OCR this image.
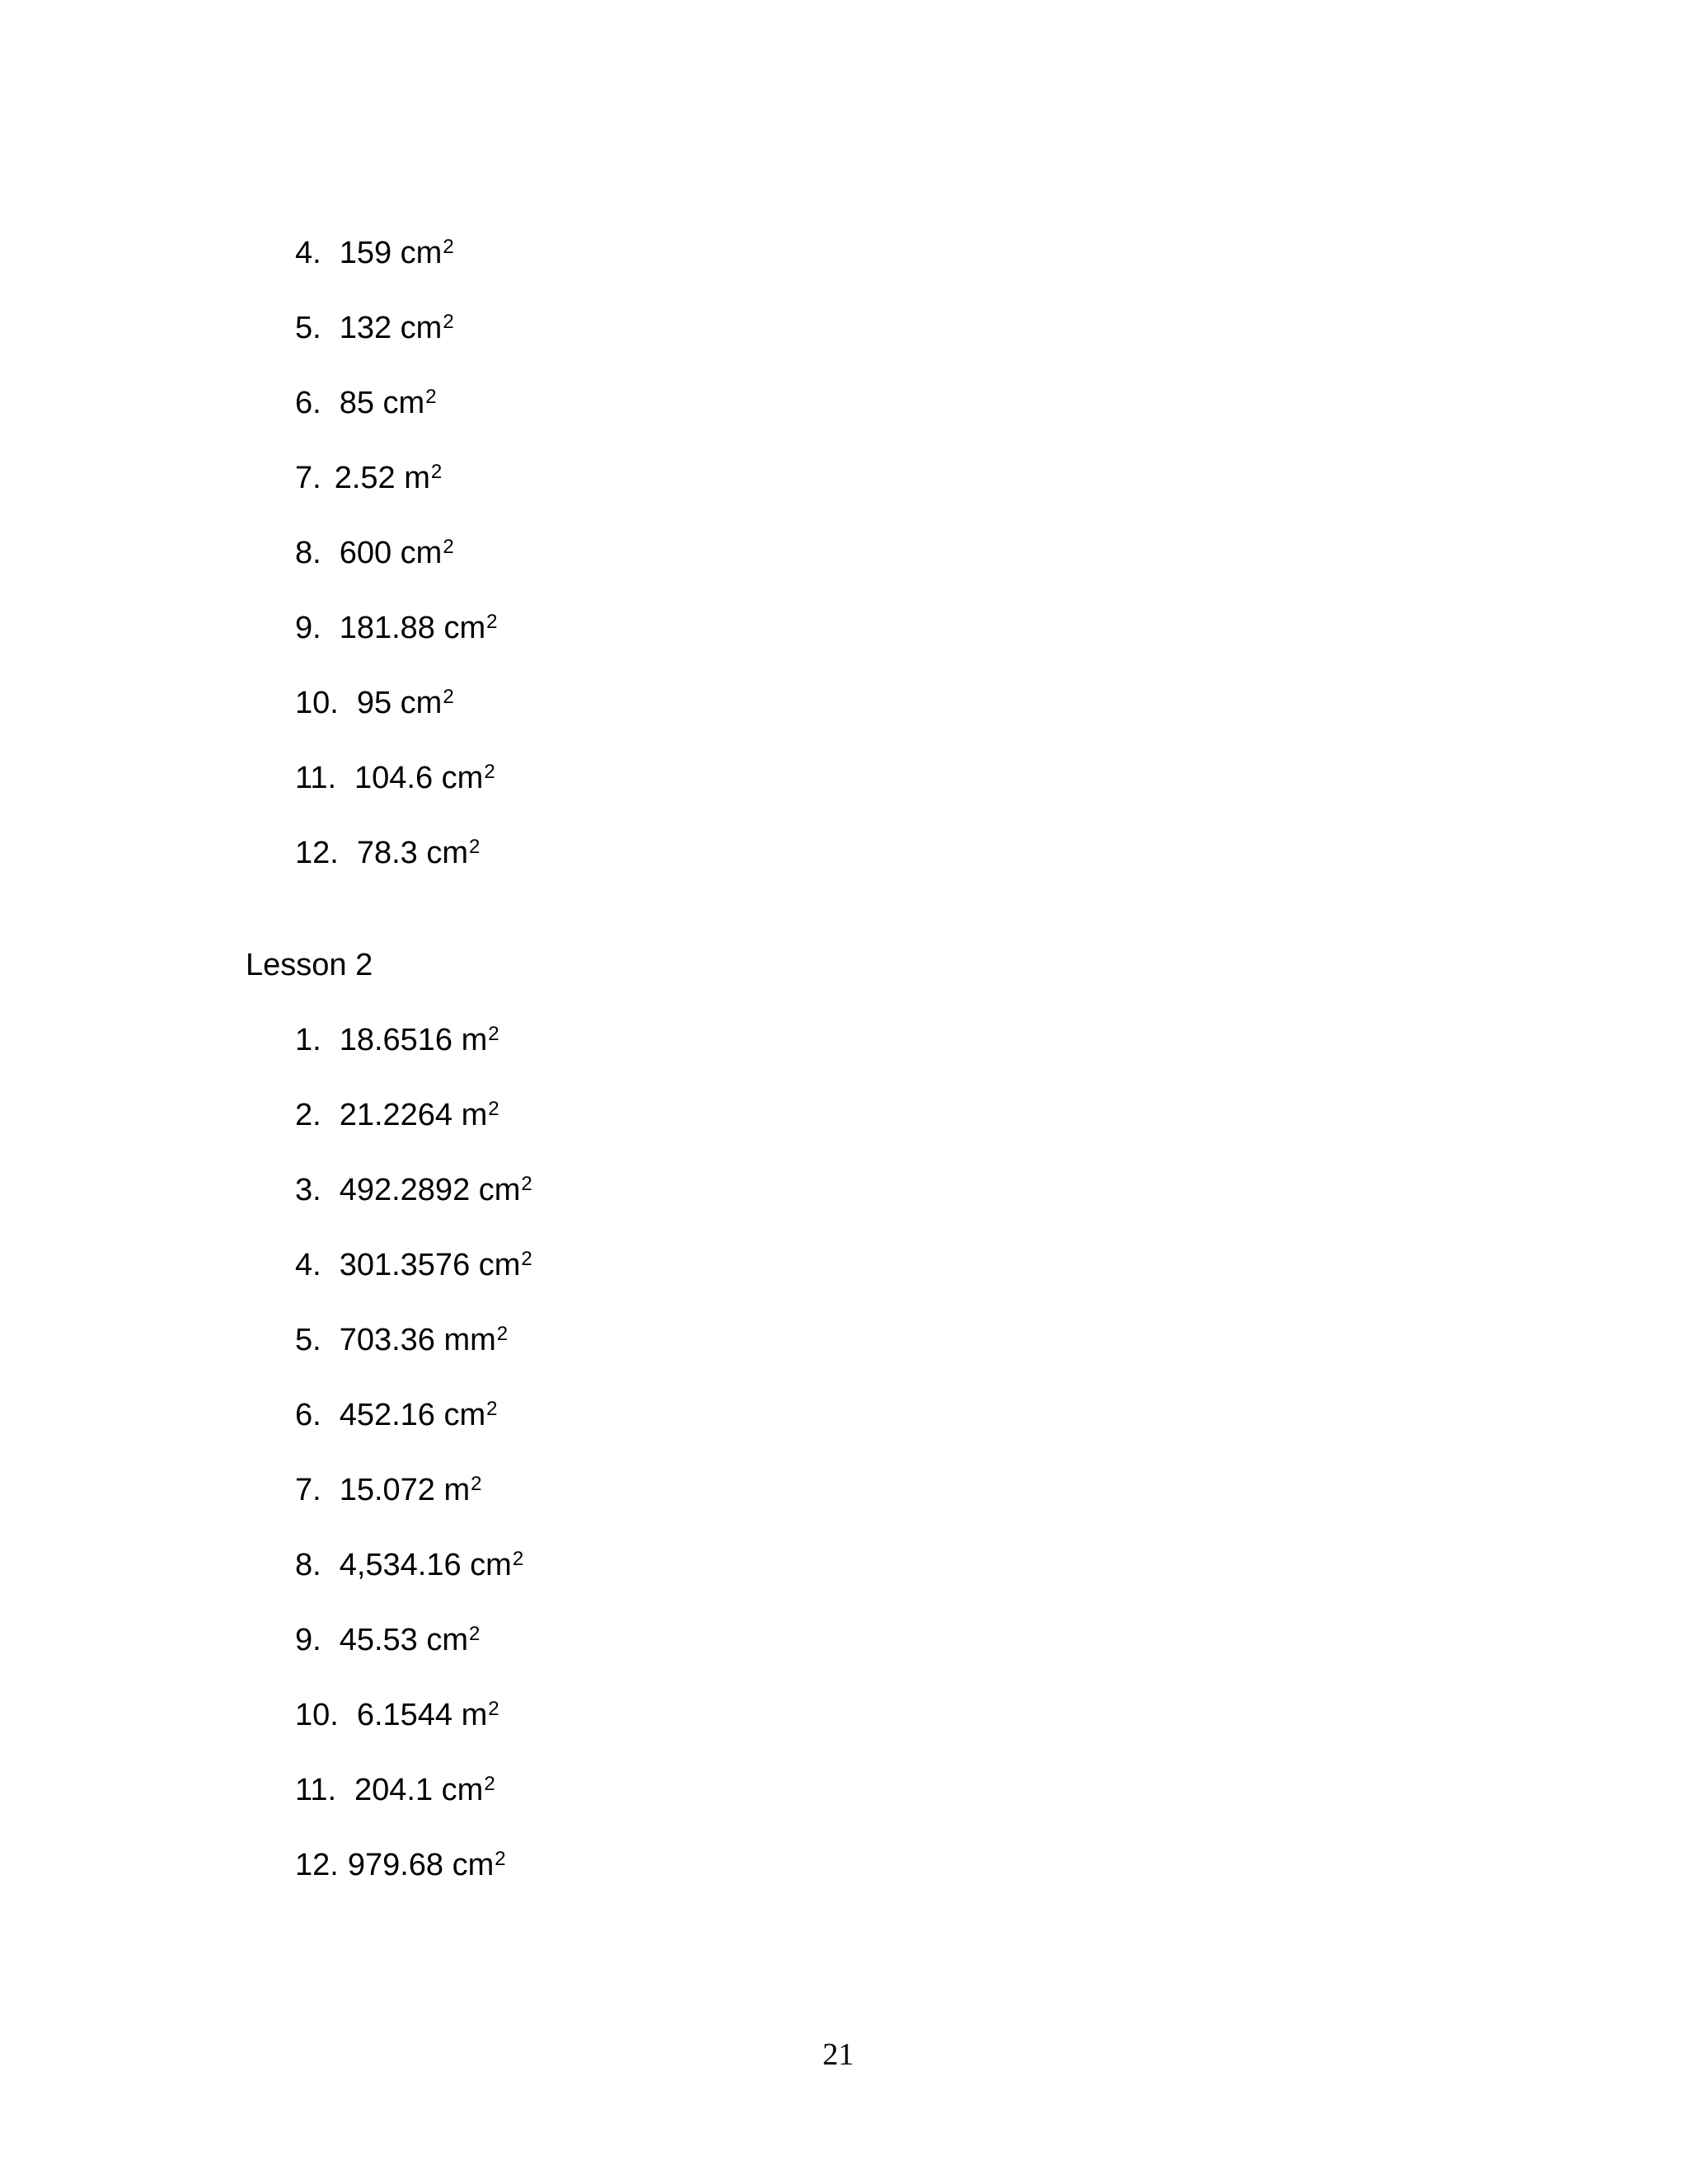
4. 159 $cm^2$
5. 132 $cm^2$
6. 85 $cm^2$
7. 2.52 $m^2$
8. 600 $cm^2$
9. 181.88 $cm^2$
10. 95 $cm^2$
11. 104.6 $cm^2$
12. 78.3 $cm^2$
Lesson 2
1. 18.6516 $m^2$
2. 21.2264 $m^2$
3. 492.2892 $cm^2$
4. 301.3576 $cm^2$
5. 703.36 $mm^2$
6. 452.16 $cm^2$
7. 15.072 $m^2$
8. 4,534.16 $cm^2$
9. 45.53 $cm^2$
10. 6.1544 $m^2$
11. 204.1 $cm^2$
12. 979.68 $cm^2$
21
